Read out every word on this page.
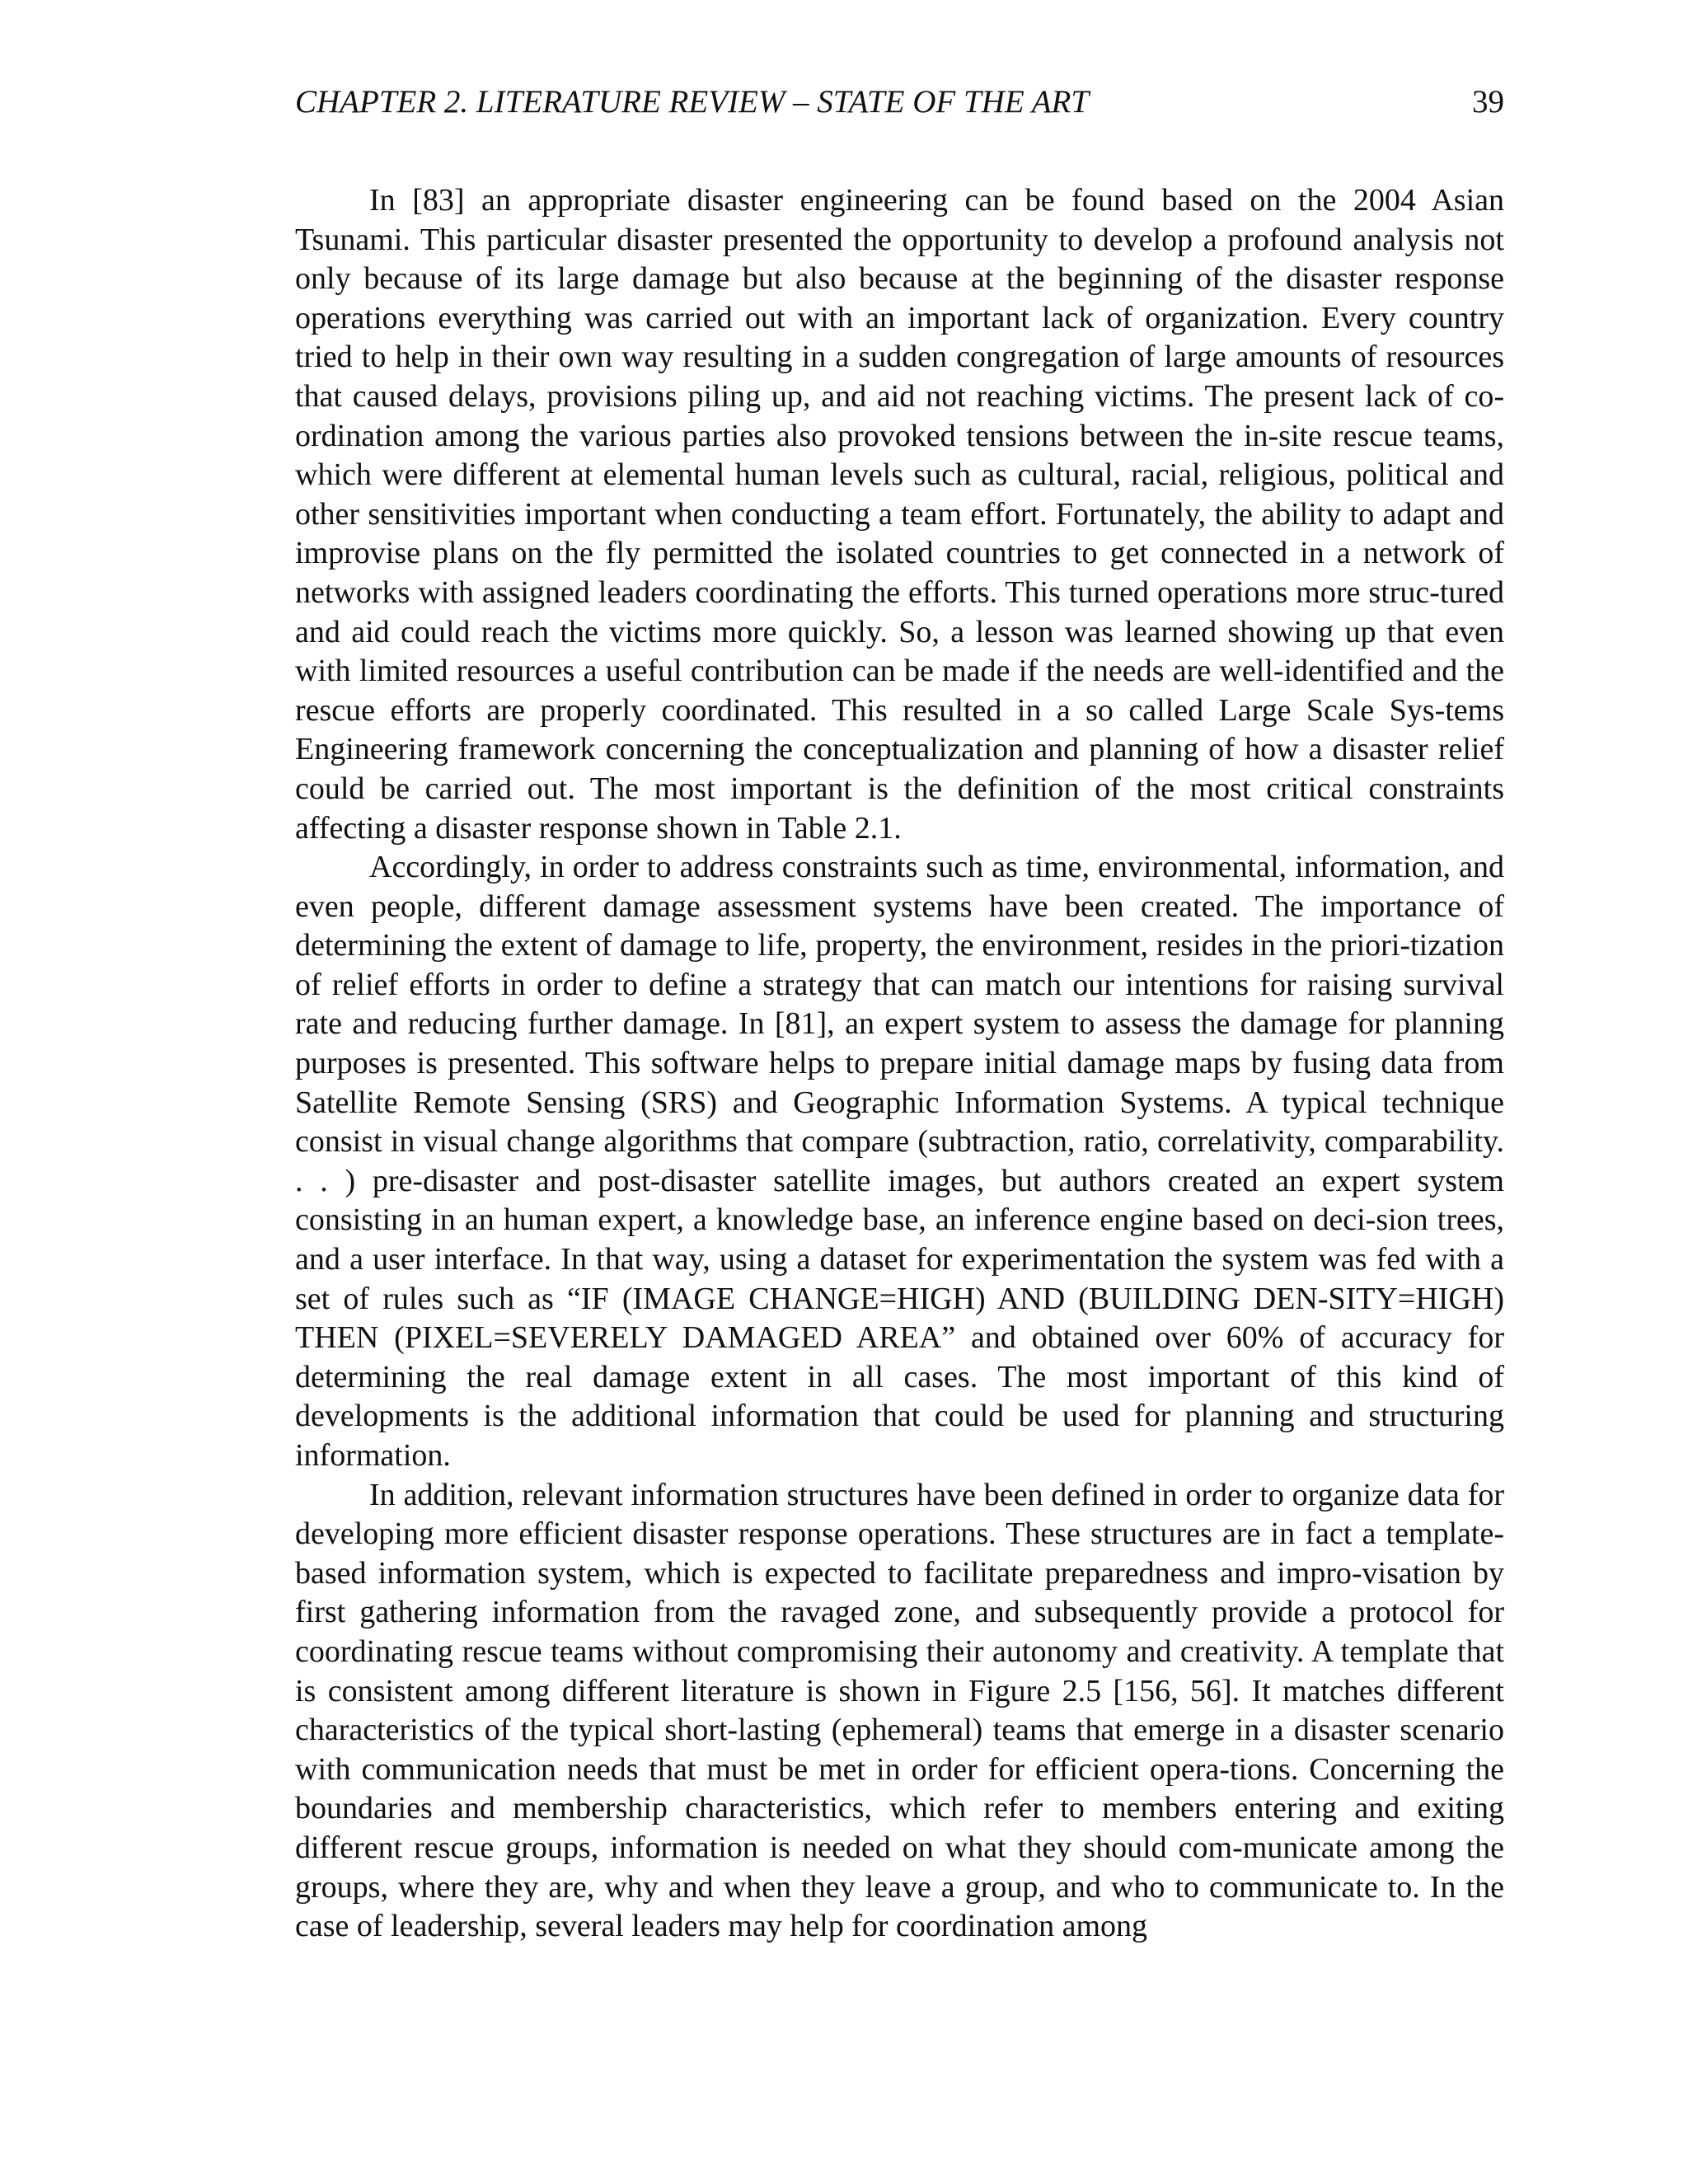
CHAPTER 2. LITERATURE REVIEW – STATE OF THE ART	39

In [83] an appropriate disaster engineering can be found based on the 2004 Asian Tsunami. This particular disaster presented the opportunity to develop a profound analysis not only because of its large damage but also because at the beginning of the disaster response operations everything was carried out with an important lack of organization. Every country tried to help in their own way resulting in a sudden congregation of large amounts of resources that caused delays, provisions piling up, and aid not reaching victims. The present lack of co-ordination among the various parties also provoked tensions between the in-site rescue teams, which were different at elemental human levels such as cultural, racial, religious, political and other sensitivities important when conducting a team effort. Fortunately, the ability to adapt and improvise plans on the fly permitted the isolated countries to get connected in a network of networks with assigned leaders coordinating the efforts. This turned operations more struc-tured and aid could reach the victims more quickly. So, a lesson was learned showing up that even with limited resources a useful contribution can be made if the needs are well-identified and the rescue efforts are properly coordinated. This resulted in a so called Large Scale Sys-tems Engineering framework concerning the conceptualization and planning of how a disaster relief could be carried out. The most important is the definition of the most critical constraints affecting a disaster response shown in Table 2.1.

Accordingly, in order to address constraints such as time, environmental, information, and even people, different damage assessment systems have been created. The importance of determining the extent of damage to life, property, the environment, resides in the priori-tization of relief efforts in order to define a strategy that can match our intentions for raising survival rate and reducing further damage. In [81], an expert system to assess the damage for planning purposes is presented. This software helps to prepare initial damage maps by fusing data from Satellite Remote Sensing (SRS) and Geographic Information Systems. A typical technique consist in visual change algorithms that compare (subtraction, ratio, correlativity, comparability. . . ) pre-disaster and post-disaster satellite images, but authors created an expert system consisting in an human expert, a knowledge base, an inference engine based on deci-sion trees, and a user interface. In that way, using a dataset for experimentation the system was fed with a set of rules such as “IF (IMAGE CHANGE=HIGH) AND (BUILDING DEN-SITY=HIGH) THEN (PIXEL=SEVERELY DAMAGED AREA” and obtained over 60% of accuracy for determining the real damage extent in all cases. The most important of this kind of developments is the additional information that could be used for planning and structuring information.

In addition, relevant information structures have been defined in order to organize data for developing more efficient disaster response operations. These structures are in fact a template-based information system, which is expected to facilitate preparedness and impro-visation by first gathering information from the ravaged zone, and subsequently provide a protocol for coordinating rescue teams without compromising their autonomy and creativity. A template that is consistent among different literature is shown in Figure 2.5 [156, 56]. It matches different characteristics of the typical short-lasting (ephemeral) teams that emerge in a disaster scenario with communication needs that must be met in order for efficient opera-tions. Concerning the boundaries and membership characteristics, which refer to members entering and exiting different rescue groups, information is needed on what they should com-municate among the groups, where they are, why and when they leave a group, and who to communicate to. In the case of leadership, several leaders may help for coordination among
